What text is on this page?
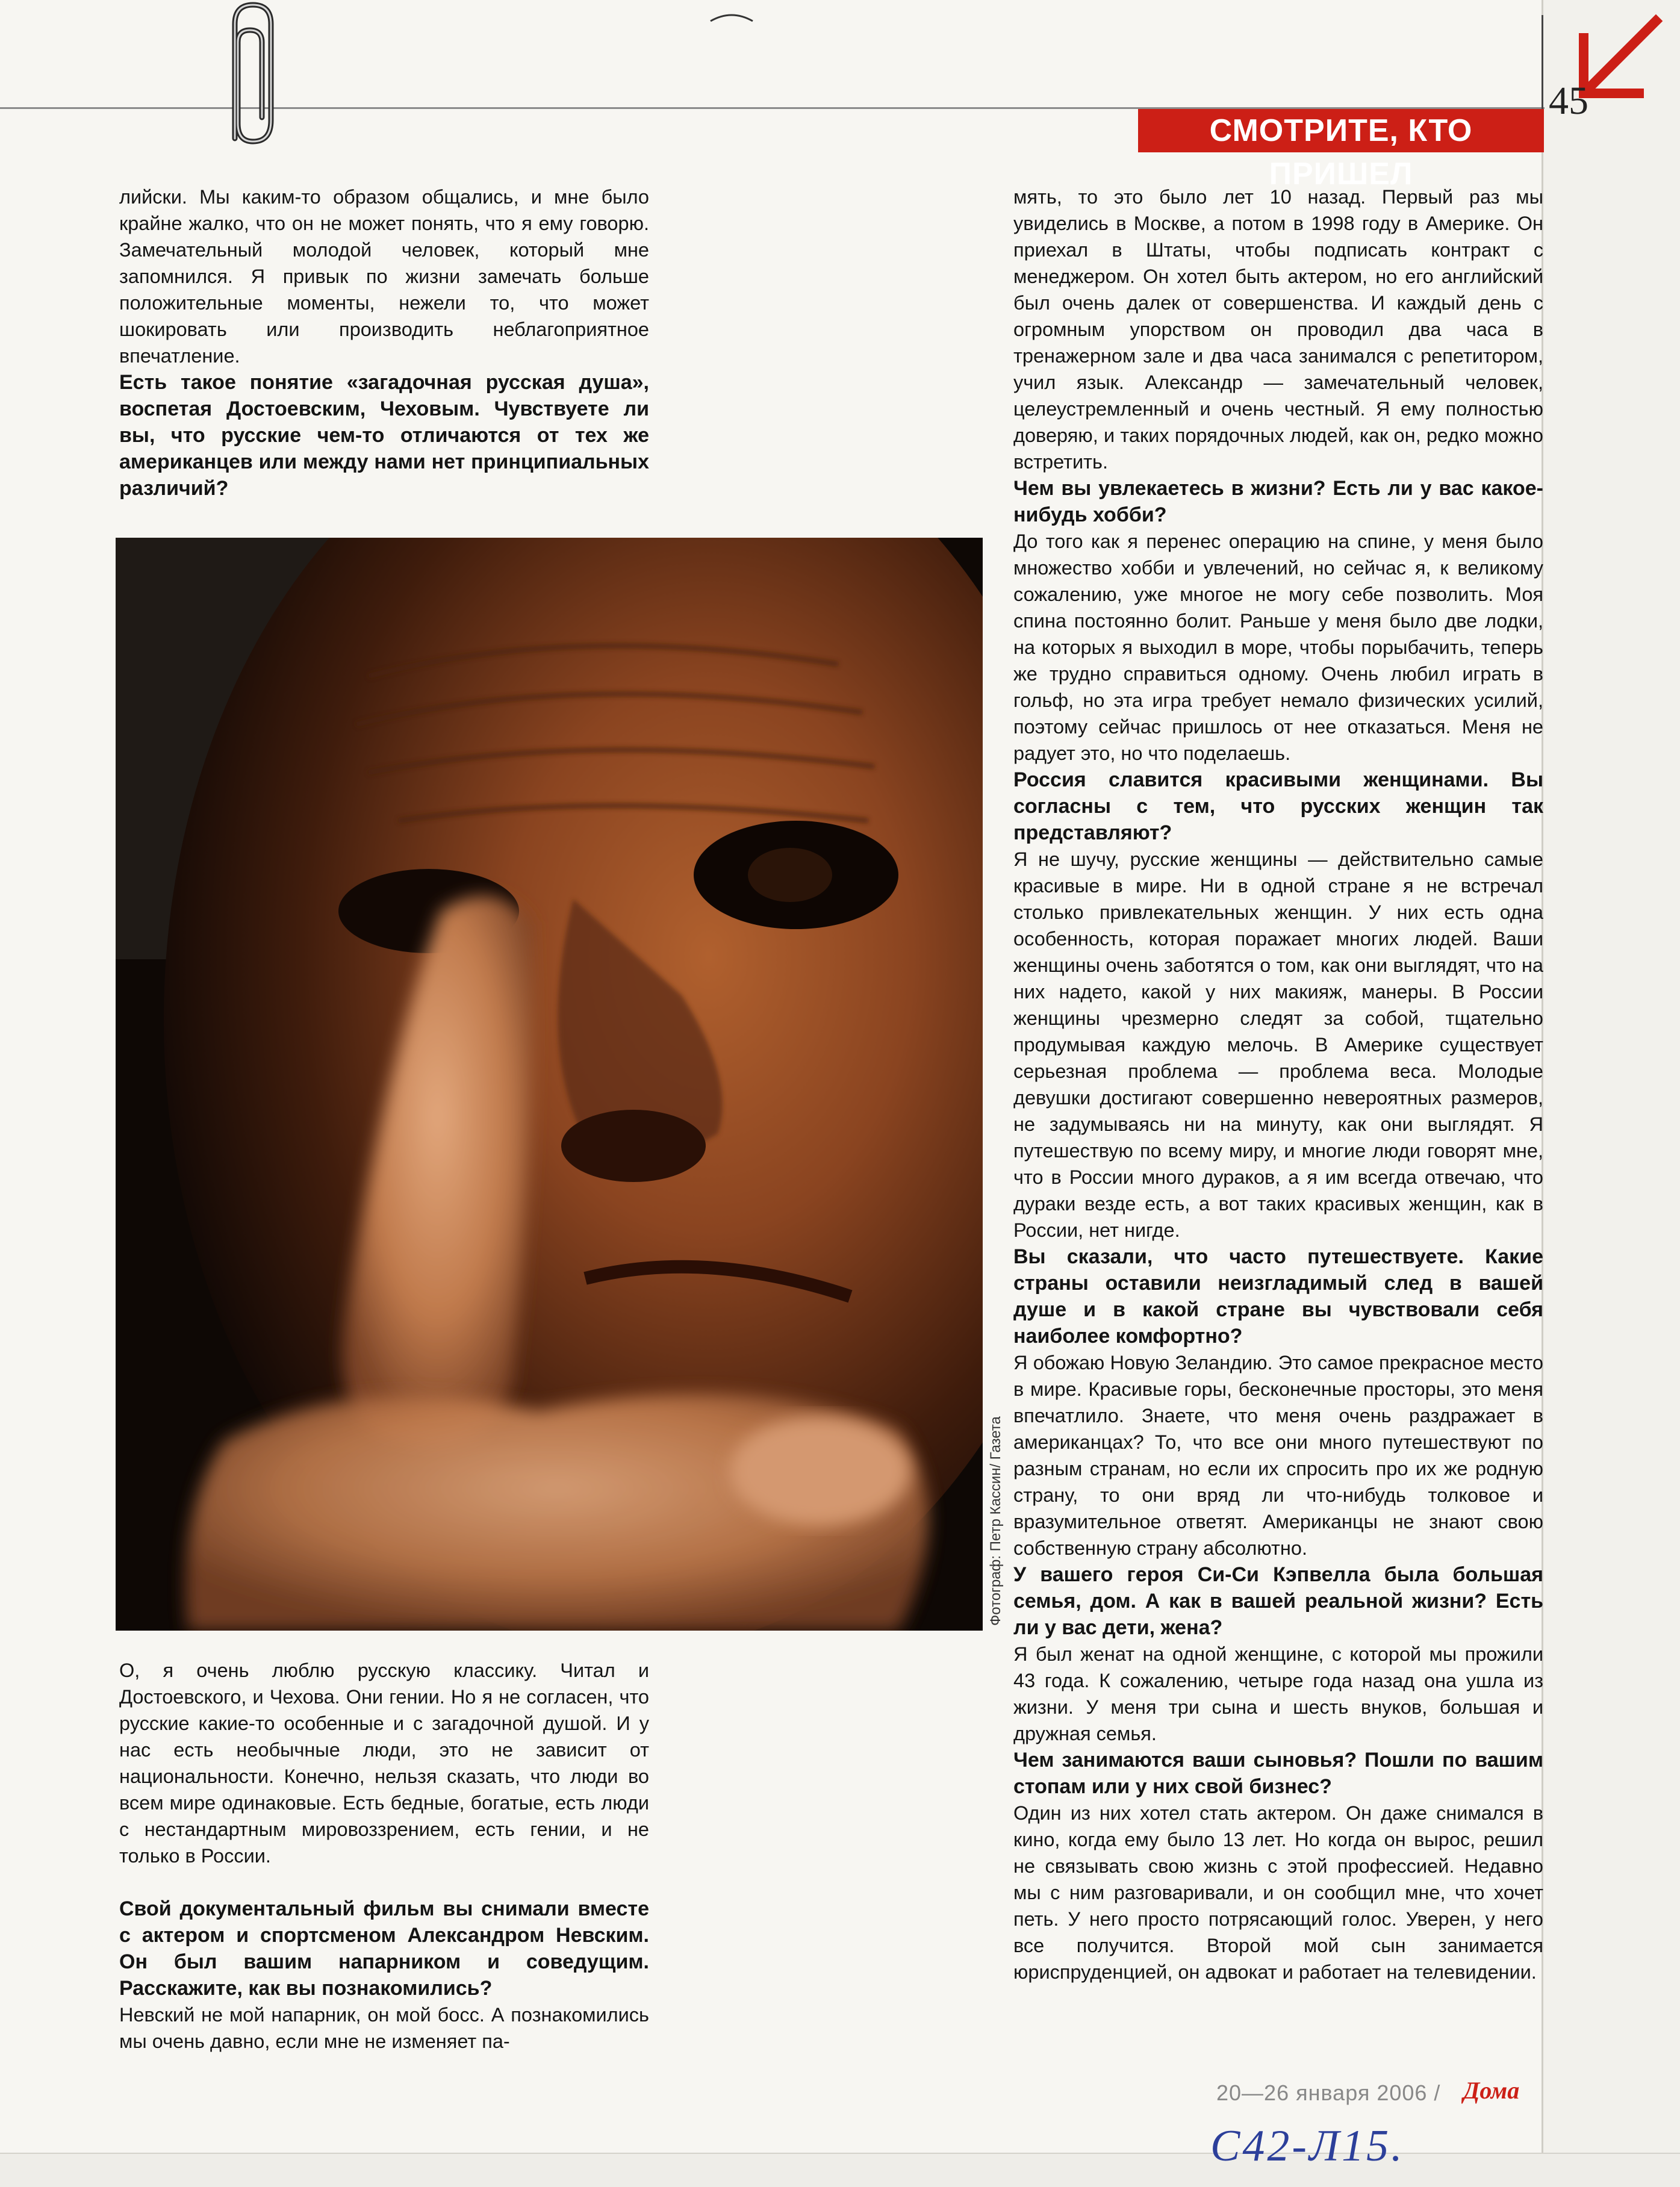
СМОТРИТЕ, КТО ПРИШЕЛ
45

лийски. Мы каким-то образом общались, и мне было крайне жалко, что он не может понять, что я ему говорю. Замечательный молодой человек, который мне запомнился. Я привык по жизни замечать больше положительные моменты, нежели то, что может шокировать или производить неблагоприятное впечатление.

Есть такое понятие «загадочная русская душа», воспетая Достоевским, Чеховым. Чувствуете ли вы, что русские чем-то отличаются от тех же американцев или между нами нет принципиальных различий?

Фотограф: Петр Кассин/ Газета

О, я очень люблю русскую классику. Читал и Достоевского, и Чехова. Они гении. Но я не согласен, что русские какие-то особенные и с загадочной душой. И у нас есть необычные люди, это не зависит от национальности. Конечно, нельзя сказать, что люди во всем мире одинаковые. Есть бедные, богатые, есть люди с нестандартным мировоззрением, есть гении, и не только в России.

Свой документальный фильм вы снимали вместе с актером и спортсменом Александром Невским. Он был вашим напарником и соведущим. Расскажите, как вы познакомились?

Невский не мой напарник, он мой босс. А познакомились мы очень давно, если мне не изменяет па-

мять, то это было лет 10 назад. Первый раз мы увиделись в Москве, а потом в 1998 году в Америке. Он приехал в Штаты, чтобы подписать контракт с менеджером. Он хотел быть актером, но его английский был очень далек от совершенства. И каждый день с огромным упорством он проводил два часа в тренажерном зале и два часа занимался с репетитором, учил язык. Александр — замечательный человек, целеустремленный и очень честный. Я ему полностью доверяю, и таких порядочных людей, как он, редко можно встретить.

Чем вы увлекаетесь в жизни? Есть ли у вас какое-нибудь хобби?

До того как я перенес операцию на спине, у меня было множество хобби и увлечений, но сейчас я, к великому сожалению, уже многое не могу себе позволить. Моя спина постоянно болит. Раньше у меня было две лодки, на которых я выходил в море, чтобы порыбачить, теперь же трудно справиться одному. Очень любил играть в гольф, но эта игра требует немало физических усилий, поэтому сейчас пришлось от нее отказаться. Меня не радует это, но что поделаешь.

Россия славится красивыми женщинами. Вы согласны с тем, что русских женщин так представляют?

Я не шучу, русские женщины — действительно самые красивые в мире. Ни в одной стране я не встречал столько привлекательных женщин. У них есть одна особенность, которая поражает многих людей. Ваши женщины очень заботятся о том, как они выглядят, что на них надето, какой у них макияж, манеры. В России женщины чрезмерно следят за собой, тщательно продумывая каждую мелочь. В Америке существует серьезная проблема — проблема веса. Молодые девушки достигают совершенно невероятных размеров, не задумываясь ни на минуту, как они выглядят. Я путешествую по всему миру, и многие люди говорят мне, что в России много дураков, а я им всегда отвечаю, что дураки везде есть, а вот таких красивых женщин, как в России, нет нигде.

Вы сказали, что часто путешествуете. Какие страны оставили неизгладимый след в вашей душе и в какой стране вы чувствовали себя наиболее комфортно?

Я обожаю Новую Зеландию. Это самое прекрасное место в мире. Красивые горы, бесконечные просторы, это меня впечатлило. Знаете, что меня очень раздражает в американцах? То, что все они много путешествуют по разным странам, но если их спросить про их же родную страну, то они вряд ли что-нибудь толковое и вразумительное ответят. Американцы не знают свою собственную страну абсолютно.

У вашего героя Си-Си Кэпвелла была большая семья, дом. А как в вашей реальной жизни? Есть ли у вас дети, жена?

Я был женат на одной женщине, с которой мы прожили 43 года. К сожалению, четыре года назад она ушла из жизни. У меня три сына и шесть внуков, большая и дружная семья.

Чем занимаются ваши сыновья? Пошли по вашим стопам или у них свой бизнес?

Один из них хотел стать актером. Он даже снимался в кино, когда ему было 13 лет. Но когда он вырос, решил не связывать свою жизнь с этой профессией. Недавно мы с ним разговаривали, и он сообщил мне, что хочет петь. У него просто потрясающий голос. Уверен, у него все получится. Второй мой сын занимается юриспруденцией, он адвокат и работает на телевидении.

20—26 января 2006 / Дома
С42-Л15.
